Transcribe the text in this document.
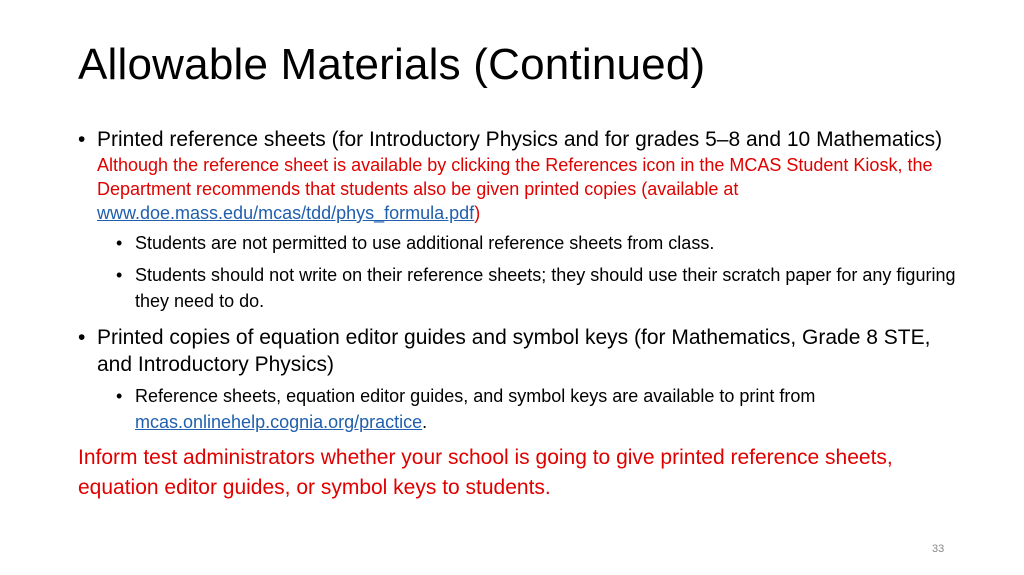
Allowable Materials (Continued)
• Printed reference sheets (for Introductory Physics and for grades 5–8 and 10 Mathematics)
Although the reference sheet is available by clicking the References icon in the MCAS Student Kiosk, the Department recommends that students also be given printed copies (available at www.doe.mass.edu/mcas/tdd/phys_formula.pdf)
• Students are not permitted to use additional reference sheets from class.
• Students should not write on their reference sheets; they should use their scratch paper for any figuring they need to do.
• Printed copies of equation editor guides and symbol keys (for Mathematics, Grade 8 STE, and Introductory Physics)
• Reference sheets, equation editor guides, and symbol keys are available to print from mcas.onlinehelp.cognia.org/practice.
Inform test administrators whether your school is going to give printed reference sheets, equation editor guides, or symbol keys to students.
33
